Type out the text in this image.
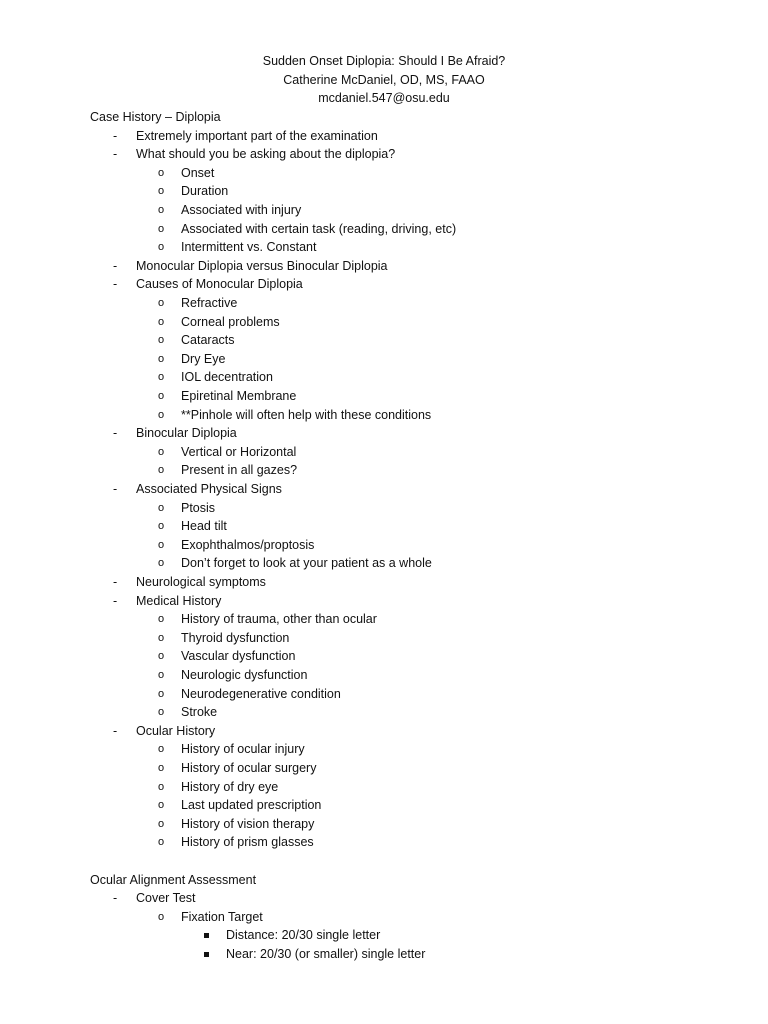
Sudden Onset Diplopia: Should I Be Afraid?
Catherine McDaniel, OD, MS, FAAO
mcdaniel.547@osu.edu
Case History – Diplopia
-	Extremely important part of the examination
-	What should you be asking about the diplopia?
o Onset
o Duration
o Associated with injury
o Associated with certain task (reading, driving, etc)
o Intermittent vs. Constant
-	Monocular Diplopia versus Binocular Diplopia
-	Causes of Monocular Diplopia
o Refractive
o Corneal problems
o Cataracts
o Dry Eye
o IOL decentration
o Epiretinal Membrane
o **Pinhole will often help with these conditions
-	Binocular Diplopia
o Vertical or Horizontal
o Present in all gazes?
-	Associated Physical Signs
o Ptosis
o Head tilt
o Exophthalmos/proptosis
o Don’t forget to look at your patient as a whole
-	Neurological symptoms
-	Medical History
o History of trauma, other than ocular
o Thyroid dysfunction
o Vascular dysfunction
o Neurologic dysfunction
o Neurodegenerative condition
o Stroke
-	Ocular History
o History of ocular injury
o History of ocular surgery
o History of dry eye
o Last updated prescription
o History of vision therapy
o History of prism glasses
Ocular Alignment Assessment
-	Cover Test
o Fixation Target
Distance: 20/30 single letter
Near: 20/30 (or smaller) single letter
